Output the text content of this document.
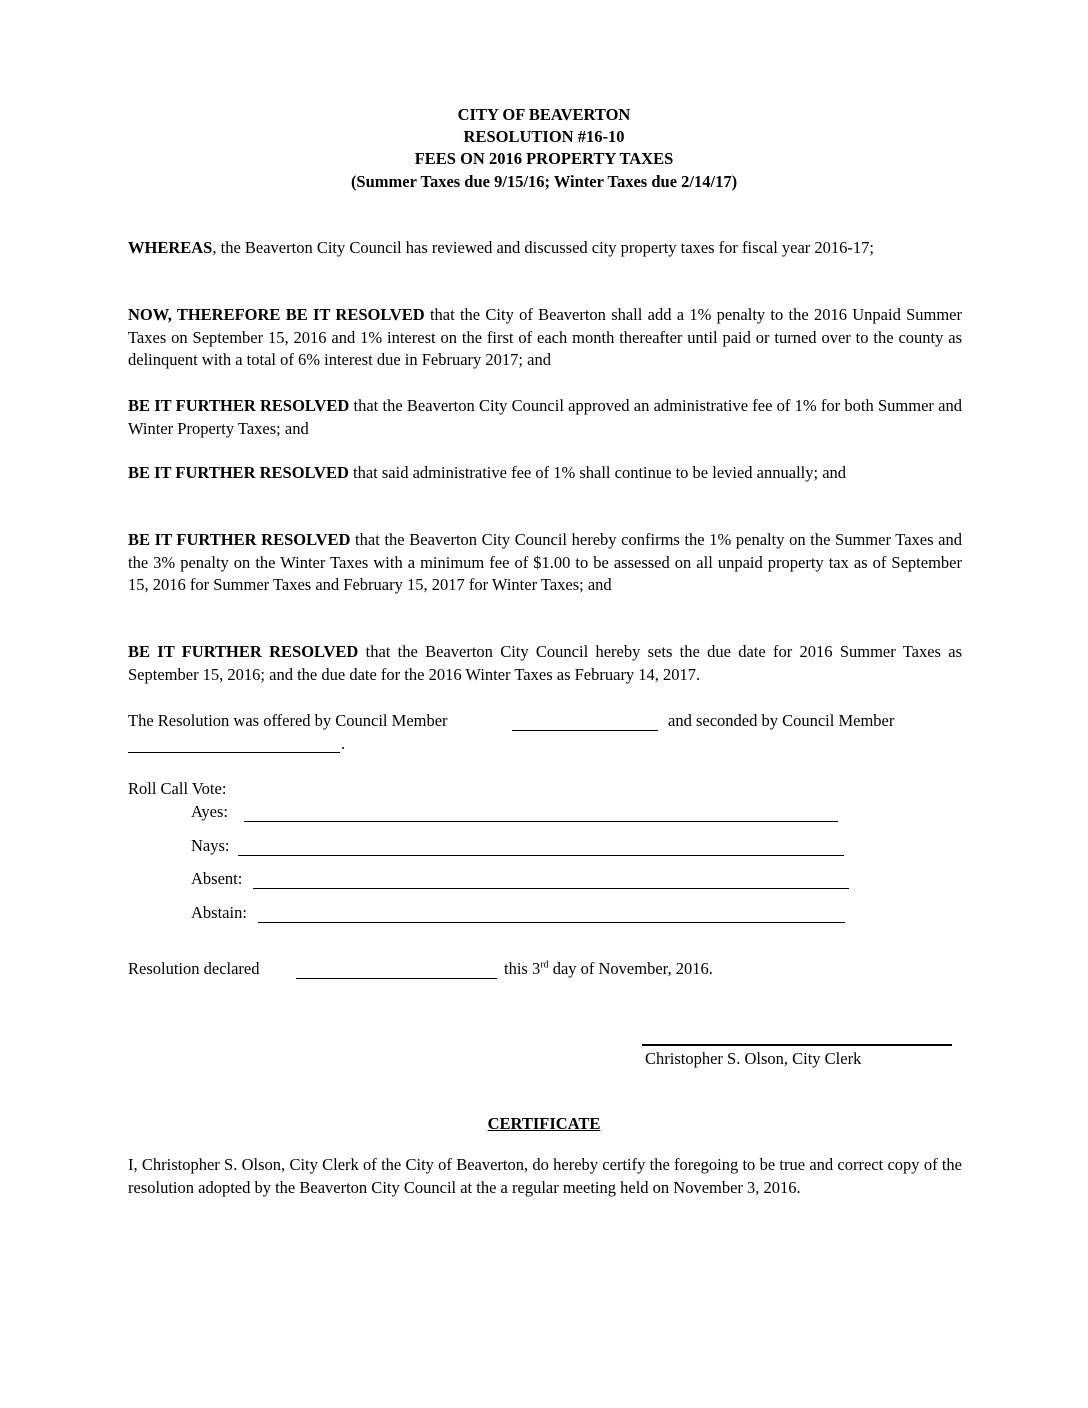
CITY OF BEAVERTON
RESOLUTION #16-10
FEES ON 2016 PROPERTY TAXES
(Summer Taxes due 9/15/16; Winter Taxes due 2/14/17)
WHEREAS, the Beaverton City Council has reviewed and discussed city property taxes for fiscal year 2016-17;
NOW, THEREFORE BE IT RESOLVED that the City of Beaverton shall add a 1% penalty to the 2016 Unpaid Summer Taxes on September 15, 2016 and 1% interest on the first of each month thereafter until paid or turned over to the county as delinquent with a total of 6% interest due in February 2017; and
BE IT FURTHER RESOLVED that the Beaverton City Council approved an administrative fee of 1% for both Summer and Winter Property Taxes; and
BE IT FURTHER RESOLVED that said administrative fee of 1% shall continue to be levied annually; and
BE IT FURTHER RESOLVED that the Beaverton City Council hereby confirms the 1% penalty on the Summer Taxes and the 3% penalty on the Winter Taxes with a minimum fee of $1.00 to be assessed on all unpaid property tax as of September 15, 2016 for Summer Taxes and February 15, 2017 for Winter Taxes; and
BE IT FURTHER RESOLVED that the Beaverton City Council hereby sets the due date for 2016 Summer Taxes as September 15, 2016; and the due date for the 2016 Winter Taxes as February 14, 2017.
The Resolution was offered by Council Member	and seconded by Council Member
.
Roll Call Vote:
Ayes:
Nays:
Absent:
Abstain:
Resolution declared	this 3rd day of November, 2016.
Christopher S. Olson, City Clerk
CERTIFICATE
I, Christopher S. Olson, City Clerk of the City of Beaverton, do hereby certify the foregoing to be true and correct copy of the resolution adopted by the Beaverton City Council at the a regular meeting held on November 3, 2016.
